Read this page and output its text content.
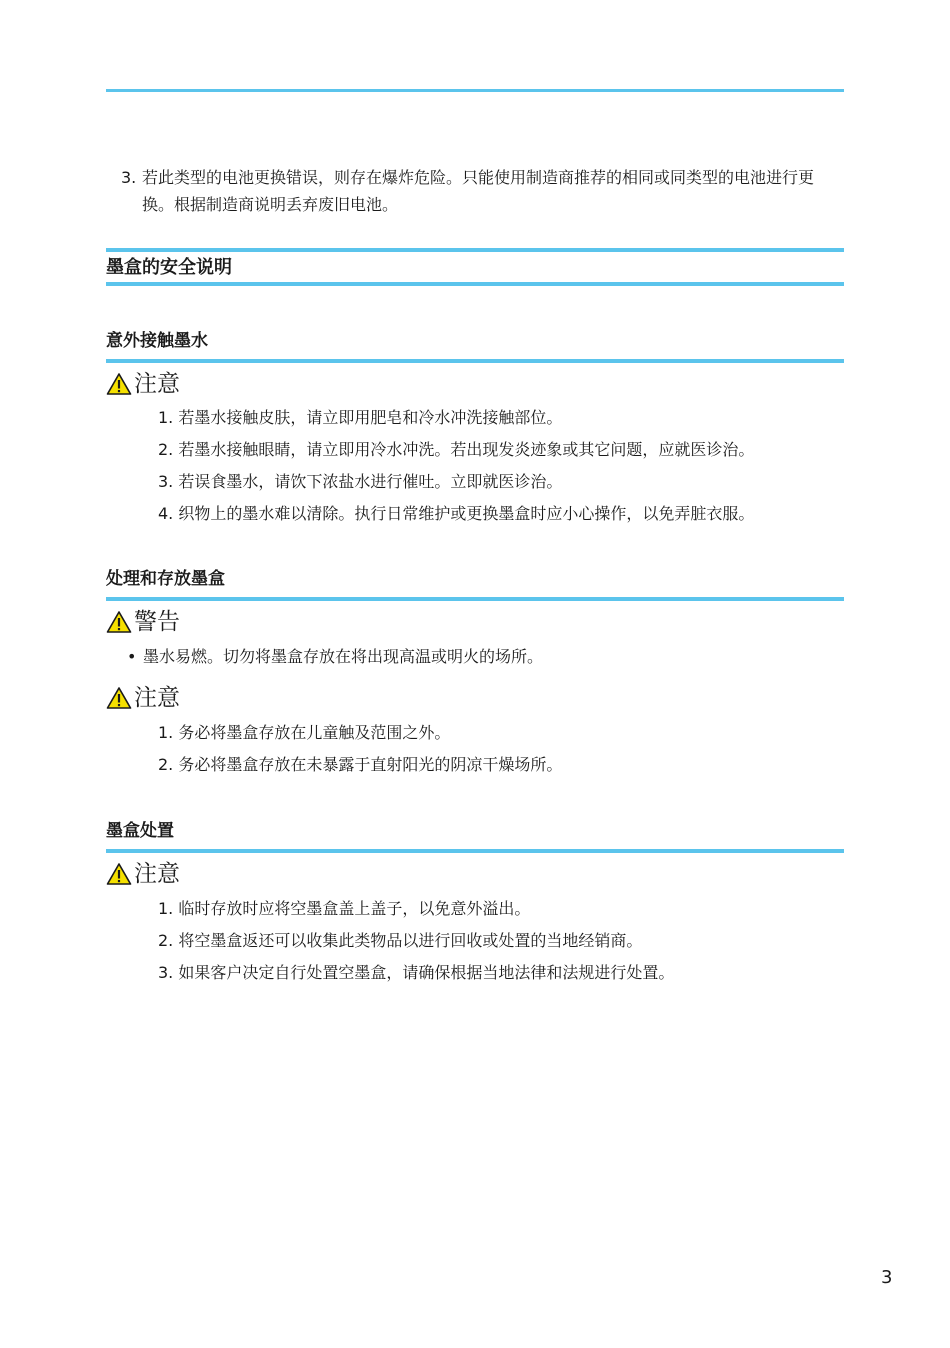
3. 若此类型的电池更换错误，则存在爆炸危险。只能使用制造商推荐的相同或同类型的电池进行更换。根据制造商说明丢弃废旧电池。
墨盒的安全说明
意外接触墨水
注意
1. 若墨水接触皮肤，请立即用肥皂和冷水冲洗接触部位。
2. 若墨水接触眼睛，请立即用冷水冲洗。若出现发炎迹象或其它问题，应就医诊治。
3. 若误食墨水，请饮下浓盐水进行催吐。立即就医诊治。
4. 织物上的墨水难以清除。执行日常维护或更换墨盒时应小心操作，以免弄脏衣服。
处理和存放墨盒
警告
• 墨水易燃。切勿将墨盒存放在将出现高温或明火的场所。
注意
1. 务必将墨盒存放在儿童触及范围之外。
2. 务必将墨盒存放在未暴露于直射阳光的阴凉干燥场所。
墨盒处置
注意
1. 临时存放时应将空墨盒盖上盖子，以免意外溢出。
2. 将空墨盒返还可以收集此类物品以进行回收或处置的当地经销商。
3. 如果客户决定自行处置空墨盒，请确保根据当地法律和法规进行处置。
3
